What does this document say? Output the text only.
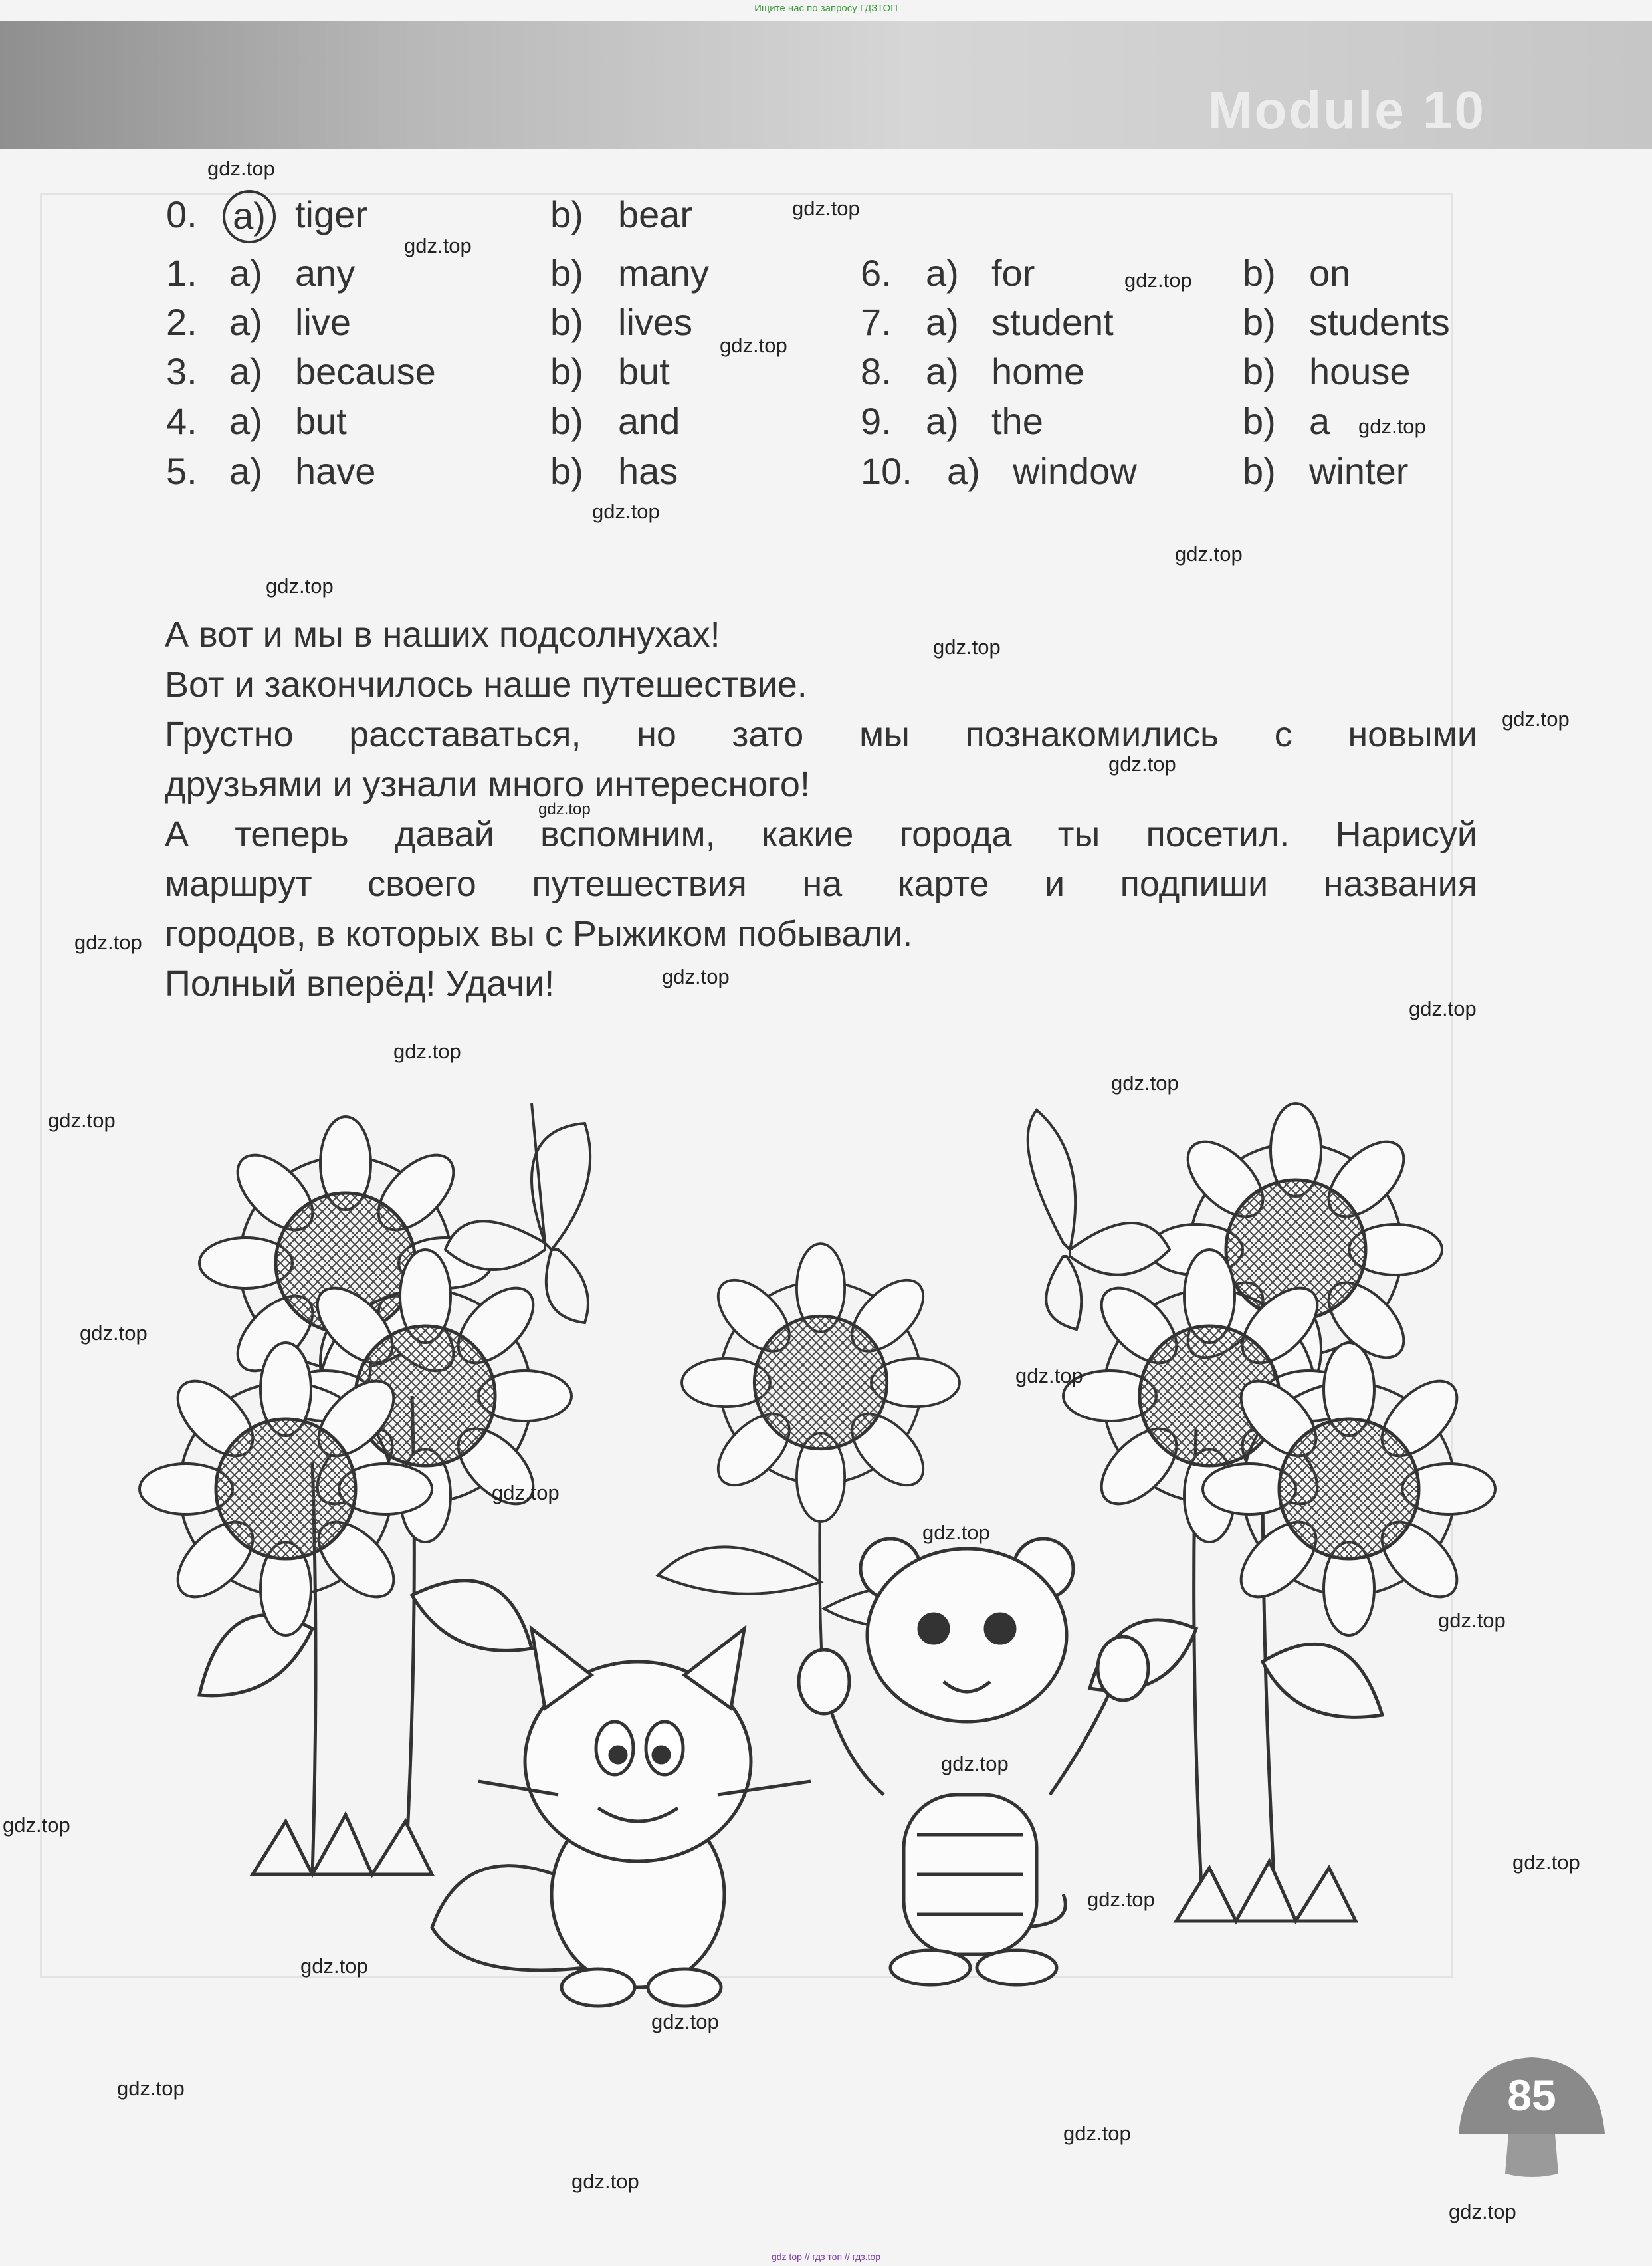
Ищите нас по запросу ГДЗТОП
Module 10
0. a) tiger	b) bear
1. a) any	b) many	6. a) for	b) on
2. a) live	b) lives	7. a) student	b) students
3. a) because	b) but	8. a) home	b) house
4. a) but	b) and	9. a) the	b) a
5. a) have	b) has	10. a) window	b) winter

А вот и мы в наших подсолнухах!

Вот и закончилось наше путешествие.

Грустно расставаться, но зато мы познакомились с новыми

друзьями и узнали много интересного!

А теперь давай вспомним, какие города ты посетил. Нарисуй

маршрут своего путешествия на карте и подпиши названия

городов, в которых вы с Рыжиком побывали.

Полный вперёд! Удачи!

85
gdz.top
gdz.top
gdz.top
gdz.top
gdz.top
gdz.top
gdz.top
gdz.top
gdz.top
gdz.top
gdz.top
gdz.top
gdz.top
gdz.top
gdz.top
gdz.top
gdz.top
gdz.top
gdz.top
gdz.top
gdz.top
gdz.top
gdz.top
gdz.top
gdz.top
gdz.top
gdz.top
gdz.top
gdz.top
gdz.top
gdz.top
gdz.top
gdz.top
gdz.top
gdz top // гдз топ // гдз.top
